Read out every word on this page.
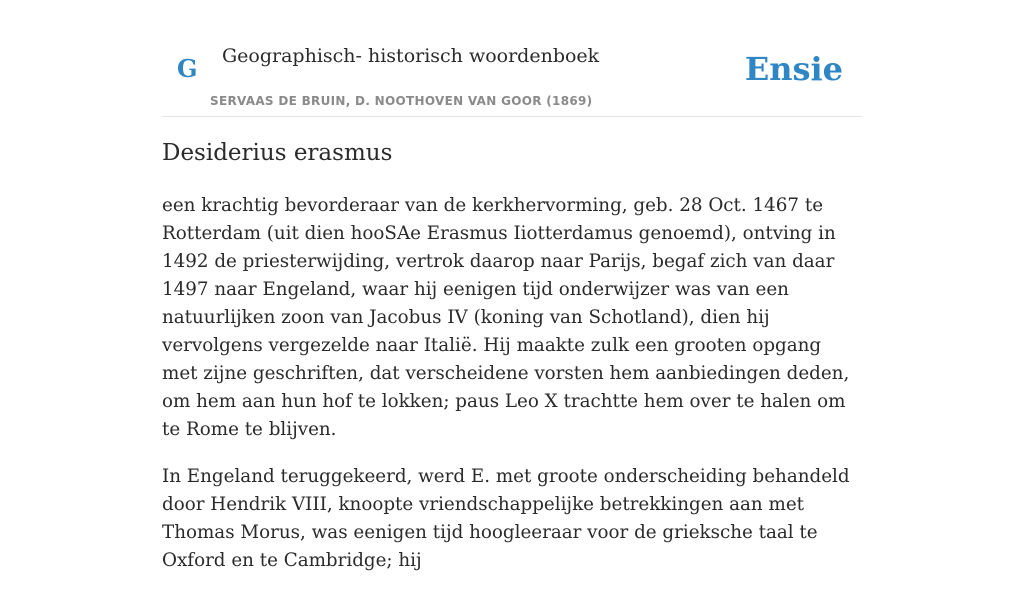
G Geographisch- historisch woordenboek
SERVAAS DE BRUIN, D. NOOTHOVEN VAN GOOR (1869)
Ensie
Desiderius erasmus

een krachtig bevorderaar van de kerkhervorming, geb. 28 Oct. 1467 te Rotterdam (uit dien hooSAe Erasmus Iiotterdamus genoemd), ontving in 1492 de priesterwijding, vertrok daarop naar Parijs, begaf zich van daar 1497 naar Engeland, waar hij eenigen tijd onderwijzer was van een natuurlijken zoon van Jacobus IV (koning van Schotland), dien hij vervolgens vergezelde naar Italië. Hij maakte zulk een grooten opgang met zijne geschriften, dat verscheidene vorsten hem aanbiedingen deden, om hem aan hun hof te lokken; paus Leo X trachtte hem over te halen om te Rome te blijven.

In Engeland teruggekeerd, werd E. met groote onderscheiding behandeld door Hendrik VIII, knoopte vriendschappelijke betrekkingen aan met Thomas Morus, was eenigen tijd hoogleeraar voor de grieksche taal te Oxford en te Cambridge; hij
